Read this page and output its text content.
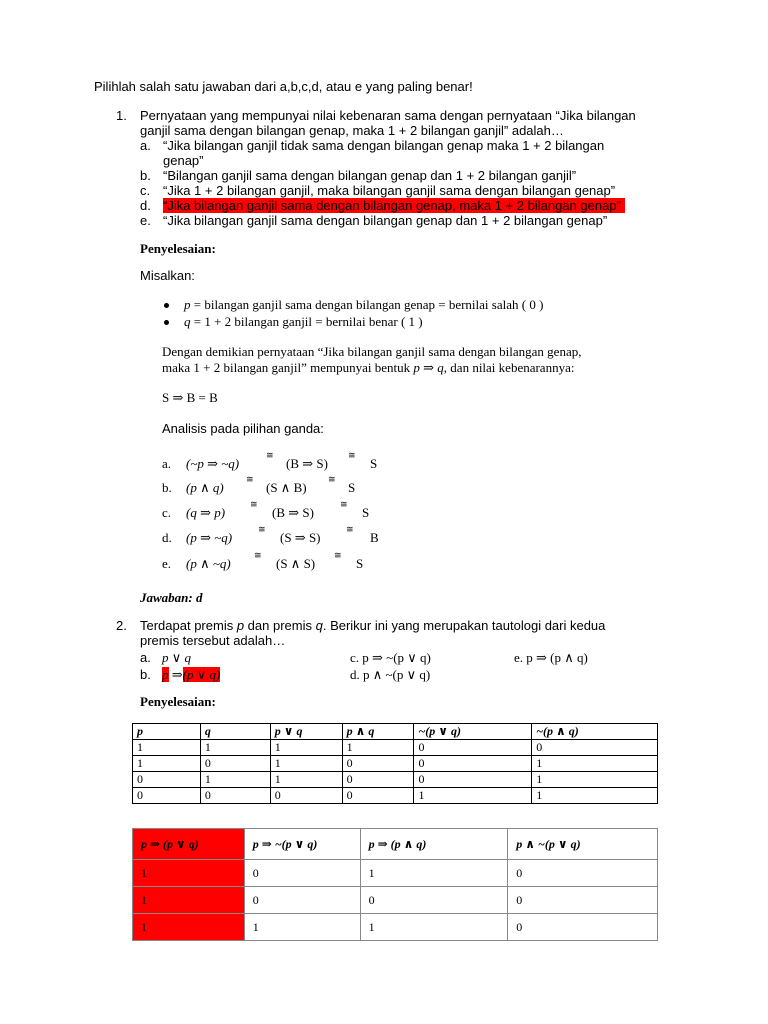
Pilihlah salah satu jawaban dari a,b,c,d, atau e yang paling benar!
1. Pernyataan yang mempunyai nilai kebenaran sama dengan pernyataan “Jika bilangan
ganjil sama dengan bilangan genap, maka 1 + 2 bilangan ganjil” adalah…
a. “Jika bilangan ganjil tidak sama dengan bilangan genap maka 1 + 2 bilangan
genap”
b. “Bilangan ganjil sama dengan bilangan genap dan 1 + 2 bilangan ganjil”
c. “Jika 1 + 2 bilangan ganjil, maka bilangan ganjil sama dengan bilangan genap”
d. “Jika bilangan ganjil sama dengan bilangan genap, maka 1 + 2 bilangan genap”
e. “Jika bilangan ganjil sama dengan bilangan genap dan 1 + 2 bilangan genap”
Penyelesaian:
Misalkan:
p = bilangan ganjil sama dengan bilangan genap = bernilai salah ( 0 )
q = 1 + 2 bilangan ganjil = bernilai benar ( 1 )
Dengan demikian pernyataan “Jika bilangan ganjil sama dengan bilangan genap,
maka 1 + 2 bilangan ganjil” mempunyai bentuk p ⇒ q, dan nilai kebenarannya:
S ⇒ B = B
Analisis pada pilihan ganda:
a. (~p ⇒ ~q)
≅
(B ⇒ S)
≅
S
b. (p ∧ q)
≅
(S ∧ B)
≅
S
c. (q ⇒ p)
≅
(B ⇒ S)
≅
S
d. (p ⇒ ~q)
≅
(S ⇒ S)
≅
B
e. (p ∧ ~q)
≅
(S ∧ S)
≅
S
Jawaban: d
2. Terdapat premis p dan premis q. Berikur ini yang merupakan tautologi dari kedua
premis tersebut adalah…
a. p ∨ q
b. p ⇒(p ∨ q)
c. p ⇒ ~(p ∨ q)
d. p ∧ ~(p ∨ q)
e. p ⇒ (p ∧ q)
Penyelesaian:
p	q	p ∨ q	p ∧ q	~(p ∨ q)	~(p ∧ q)
1	1	1	1	0	0
1	0	1	0	0	1
0	1	1	0	0	1
0	0	0	0	1	1
p ⇒ (p ∨ q)	p ⇒ ~(p ∨ q)	p ⇒ (p ∧ q)	p ∧ ~(p ∨ q)
1	0	1	0
1	0	0	0
1	1	1	0
